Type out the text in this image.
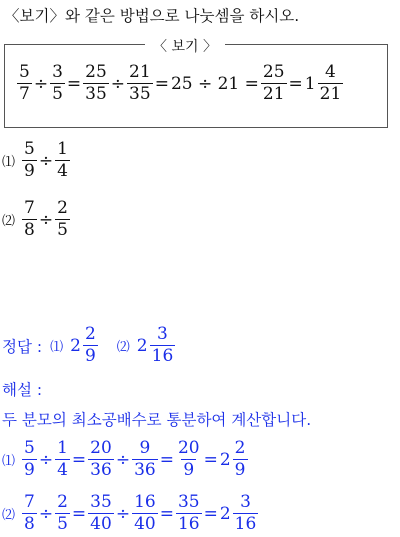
〈보기〉와 같은 방법으로 나눗셈을 하시오.
〈 보기 〉
$\frac{5}{7} \div \frac{3}{5} = \frac{25}{35} \div \frac{21}{35} = 25 \div 21 = \frac{25}{21} = 1 \frac{4}{21}$
⑴ $\frac{5}{9} \div \frac{1}{4}$
⑵ $\frac{7}{8} \div \frac{2}{5}$
정답 : ⑴ $2 \frac{2}{9}$ ⑵ $2 \frac{3}{16}$
해설 :
두 분모의 최소공배수로 통분하여 계산합니다.
⑴ $\frac{5}{9} \div \frac{1}{4} = \frac{20}{36} \div \frac{9}{36} = \frac{20}{9} = 2 \frac{2}{9}$
⑵ $\frac{7}{8} \div \frac{2}{5} = \frac{35}{40} \div \frac{16}{40} = \frac{35}{16} = 2 \frac{3}{16}$
